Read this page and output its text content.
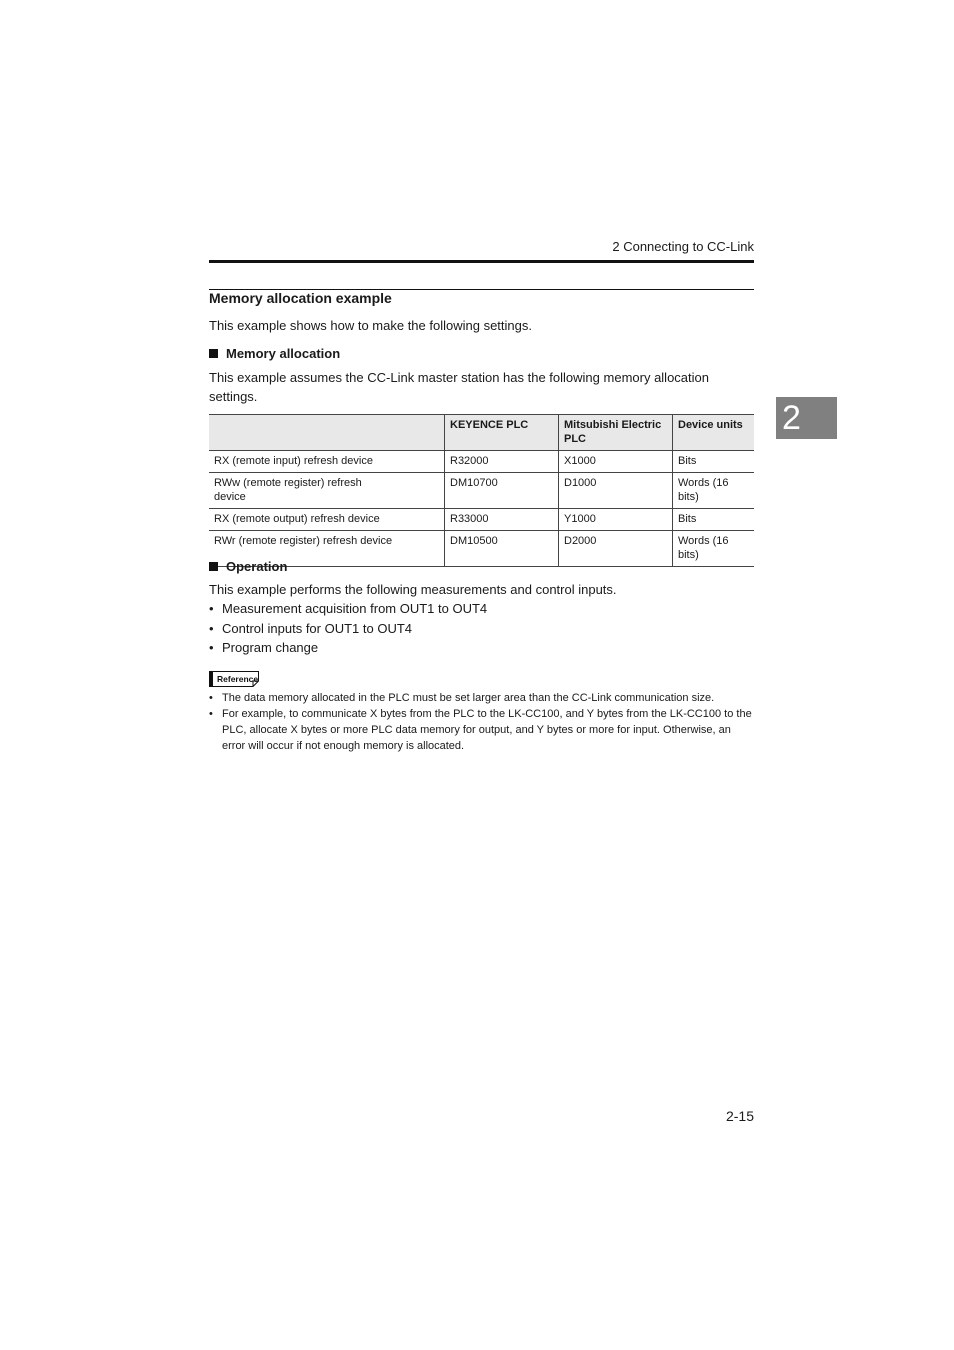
2 Connecting to CC-Link
2
Memory allocation example
This example shows how to make the following settings.
Memory allocation
This example assumes the CC-Link master station has the following memory allocation settings.
	KEYENCE PLC	Mitsubishi Electric PLC	Device units
RX (remote input) refresh device	R32000	X1000	Bits
RWw (remote register) refresh device	DM10700	D1000	Words (16 bits)
RX (remote output) refresh device	R33000	Y1000	Bits
RWr (remote register) refresh device	DM10500	D2000	Words (16 bits)
Operation
This example performs the following measurements and control inputs.
• Measurement acquisition from OUT1 to OUT4
• Control inputs for OUT1 to OUT4
• Program change
Reference
• The data memory allocated in the PLC must be set larger area than the CC-Link communication size.
• For example, to communicate X bytes from the PLC to the LK-CC100, and Y bytes from the LK-CC100 to the PLC, allocate X bytes or more PLC data memory for output, and Y bytes or more for input. Otherwise, an error will occur if not enough memory is allocated.
2-15
